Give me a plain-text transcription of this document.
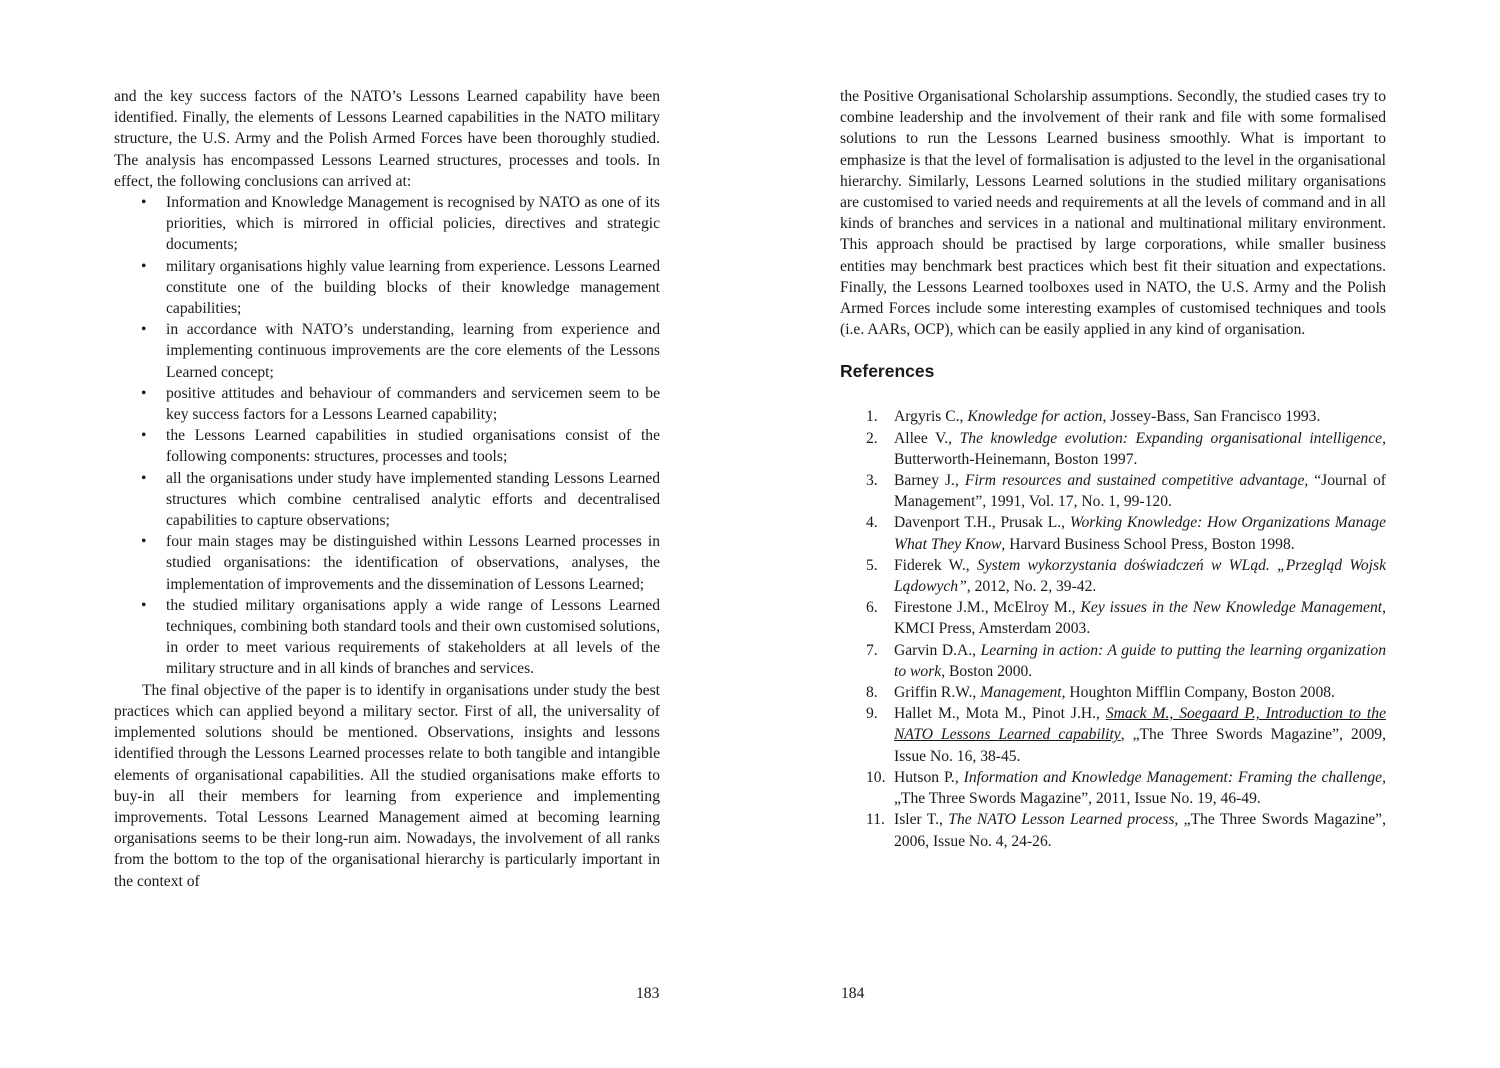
and the key success factors of the NATO’s Lessons Learned capability have been identified. Finally, the elements of Lessons Learned capabilities in the NATO military structure, the U.S. Army and the Polish Armed Forces have been thoroughly studied. The analysis has encompassed Lessons Learned structures, processes and tools. In effect, the following conclusions can arrived at:

• Information and Knowledge Management is recognised by NATO as one of its priorities, which is mirrored in official policies, directives and strategic documents;
• military organisations highly value learning from experience. Lessons Learned constitute one of the building blocks of their knowledge management capabilities;
• in accordance with NATO’s understanding, learning from experience and implementing continuous improvements are the core elements of the Lessons Learned concept;
• positive attitudes and behaviour of commanders and servicemen seem to be key success factors for a Lessons Learned capability;
• the Lessons Learned capabilities in studied organisations consist of the following components: structures, processes and tools;
• all the organisations under study have implemented standing Lessons Learned structures which combine centralised analytic efforts and decentralised capabilities to capture observations;
• four main stages may be distinguished within Lessons Learned processes in studied organisations: the identification of observations, analyses, the implementation of improvements and the dissemination of Lessons Learned;
• the studied military organisations apply a wide range of Lessons Learned techniques, combining both standard tools and their own customised solutions, in order to meet various requirements of stakeholders at all levels of the military structure and in all kinds of branches and services.

The final objective of the paper is to identify in organisations under study the best practices which can applied beyond a military sector. First of all, the universality of implemented solutions should be mentioned. Observations, insights and lessons identified through the Lessons Learned processes relate to both tangible and intangible elements of organisational capabilities. All the studied organisations make efforts to buy-in all their members for learning from experience and implementing improvements. Total Lessons Learned Management aimed at becoming learning organisations seems to be their long-run aim. Nowadays, the involvement of all ranks from the bottom to the top of the organisational hierarchy is particularly important in the context of

183

the Positive Organisational Scholarship assumptions. Secondly, the studied cases try to combine leadership and the involvement of their rank and file with some formalised solutions to run the Lessons Learned business smoothly. What is important to emphasize is that the level of formalisation is adjusted to the level in the organisational hierarchy. Similarly, Lessons Learned solutions in the studied military organisations are customised to varied needs and requirements at all the levels of command and in all kinds of branches and services in a national and multinational military environment. This approach should be practised by large corporations, while smaller business entities may benchmark best practices which best fit their situation and expectations. Finally, the Lessons Learned toolboxes used in NATO, the U.S. Army and the Polish Armed Forces include some interesting examples of customised techniques and tools (i.e. AARs, OCP), which can be easily applied in any kind of organisation.

References
1. Argyris C., Knowledge for action, Jossey-Bass, San Francisco 1993.
2. Allee V., The knowledge evolution: Expanding organisational intelligence, Butterworth-Heinemann, Boston 1997.
3. Barney J., Firm resources and sustained competitive advantage, “Journal of Management”, 1991, Vol. 17, No. 1, 99-120.
4. Davenport T.H., Prusak L., Working Knowledge: How Organizations Manage What They Know, Harvard Business School Press, Boston 1998.
5. Fiderek W., System wykorzystania doświadczeń w WLąd. „Przegląd Wojsk Lądowych”, 2012, No. 2, 39-42.
6. Firestone J.M., McElroy M., Key issues in the New Knowledge Management, KMCI Press, Amsterdam 2003.
7. Garvin D.A., Learning in action: A guide to putting the learning organization to work, Boston 2000.
8. Griffin R.W., Management, Houghton Mifflin Company, Boston 2008.
9. Hallet M., Mota M., Pinot J.H., Smack M., Soegaard P., Introduction to the NATO Lessons Learned capability, „The Three Swords Magazine”, 2009, Issue No. 16, 38-45.
10. Hutson P., Information and Knowledge Management: Framing the challenge, „The Three Swords Magazine”, 2011, Issue No. 19, 46-49.
11. Isler T., The NATO Lesson Learned process, „The Three Swords Magazine”, 2006, Issue No. 4, 24-26.
184
